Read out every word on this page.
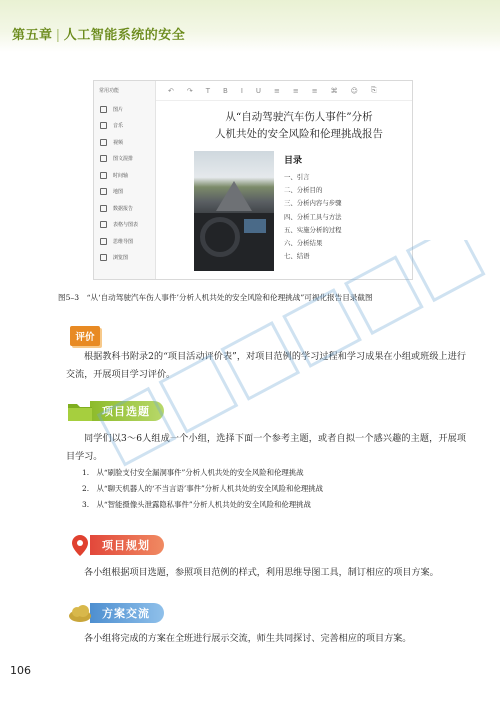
第五章 | 人工智能系统的安全
常用功能
图片
音乐
视频
图文混排
时间轴
地图
数据报告
表格与图表
思维导图
浏览图
↶ ↷ T B I U ≡ ≡ ≡ ⌘ ☺ ⎘
从“自动驾驶汽车伤人事件”分析
人机共处的安全风险和伦理挑战报告
目录
一、引言
二、分析目的
三、分析内容与步骤
四、分析工具与方法
五、实施分析的过程
六、分析结果
七、结语
图5–3　“从‘自动驾驶汽车伤人事件’分析人机共处的安全风险和伦理挑战”可视化报告目录截图
评价
根据教科书附录2的“项目活动评价表”，对项目范例的学习过程和学习成果在小组或班级上进行交流，开展项目学习评价。
项目选题
同学们以3～6人组成一个小组，选择下面一个参考主题，或者自拟一个感兴趣的主题，开展项目学习。
1.　从“刷脸支付安全漏洞事件”分析人机共处的安全风险和伦理挑战
2.　从“聊天机器人的‘不当言语’事件”分析人机共处的安全风险和伦理挑战
3.　从“智能摄像头泄露隐私事件”分析人机共处的安全风险和伦理挑战
项目规划
各小组根据项目选题，参照项目范例的样式，利用思维导图工具，制订相应的项目方案。
方案交流
各小组将完成的方案在全班进行展示交流，师生共同探讨、完善相应的项目方案。
106
